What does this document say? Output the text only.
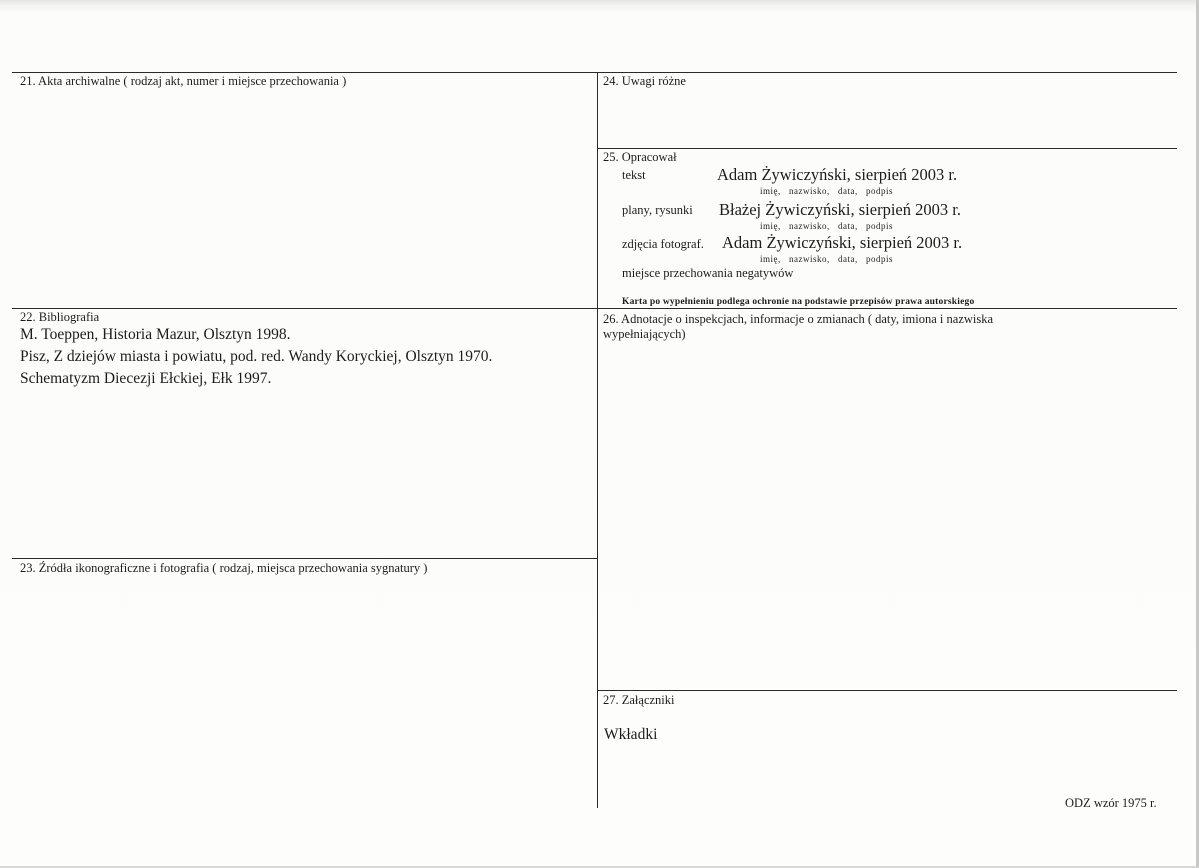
21. Akta archiwalne ( rodzaj akt, numer i miejsce przechowania )	24. Uwagi różne
25. Opracował
tekst	Adam Żywiczyński, sierpień 2003 r.
imię, nazwisko, data, podpis
plany, rysunki Błażej Żywiczyński, sierpień 2003 r.
imię, nazwisko, data, podpis
zdjęcia fotograf. Adam Żywiczyński, sierpień 2003 r.
imię, nazwisko, data, podpis
miejsce przechowania negatywów
Karta po wypełnieniu podlega ochronie na podstawie przepisów prawa autorskiego
22. Bibliografia
M. Toeppen, Historia Mazur, Olsztyn 1998.
Pisz, Z dziejów miasta i powiatu, pod. red. Wandy Koryckiej, Olsztyn 1970.
Schematyzm Diecezji Ełckiej, Ełk 1997.
26. Adnotacje o inspekcjach, informacje o zmianach ( daty, imiona i nazwiska
wypełniających)
23. Źródła ikonograficzne i fotografia ( rodzaj, miejsca przechowania sygnatury )
27. Załączniki
Wkładki
ODZ wzór 1975 r.
